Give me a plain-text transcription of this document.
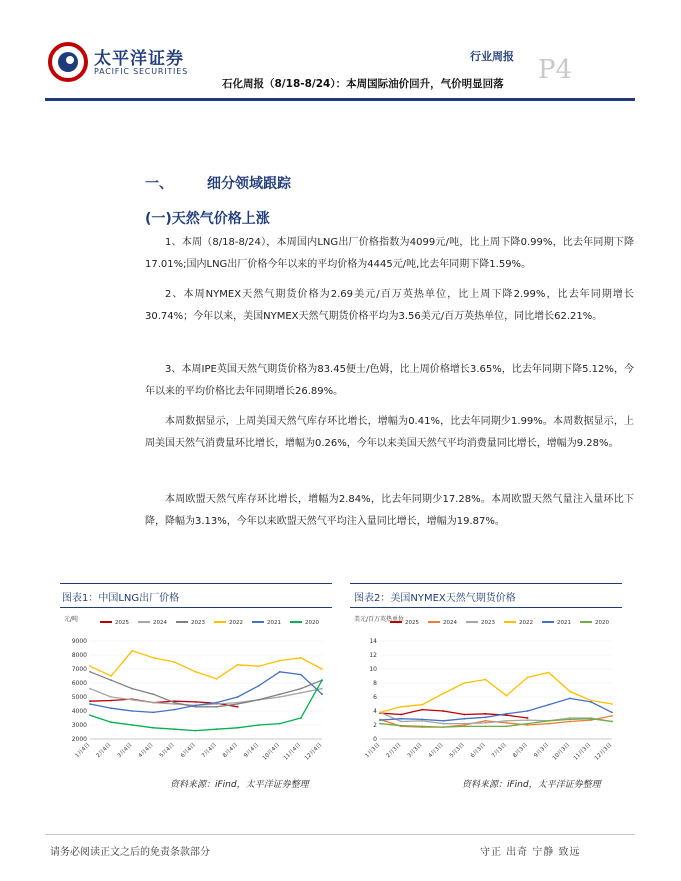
太平洋证券
PACIFIC SECURITIES
行业周报 P4
石化周报（8/18-8/24）：本周国际油价回升，气价明显回落
一、 细分领域跟踪
(一)天然气价格上涨

1、本周（8/18-8/24），本周国内LNG出厂价格指数为4099元/吨，比上周下降0.99%，比去年同期下降17.01%;国内LNG出厂价格今年以来的平均价格为4445元/吨,比去年同期下降1.59%。

2、本周NYMEX天然气期货价格为2.69美元/百万英热单位，比上周下降2.99%，比去年同期增长30.74%；今年以来，美国NYMEX天然气期货价格平均为3.56美元/百万英热单位，同比增长62.21%。

3、本周IPE英国天然气期货价格为83.45便士/色姆，比上周价格增长3.65%，比去年同期下降5.12%，今年以来的平均价格比去年同期增长26.89%。

本周数据显示，上周美国天然气库存环比增长，增幅为0.41%，比去年同期少1.99%。本周数据显示，上周美国天然气消费量环比增长，增幅为0.26%，今年以来美国天然气平均消费量同比增长，增幅为9.28%。

本周欧盟天然气库存环比增长，增幅为2.84%，比去年同期少17.28%。本周欧盟天然气量注入量环比下降，降幅为3.13%，今年以来欧盟天然气平均注入量同比增长，增幅为19.87%。

图表1：中国LNG出厂价格
元/吨	2025	2024	2023	2022	2021	2020
2000
3000
4000
5000
6000
7000
8000
9000
1月4日 2月4日 3月4日 4月4日 5月4日 6月4日 7月4日 8月4日 9月4日 10月4日 11月4日 12月4日
资料来源：iFind，太平洋证券整理
图表2：美国NYMEX天然气期货价格
美元/百万英热单位 2025	2024	2023	2022	2021	2020
0
2
4
6
8
10
12
14
1月3日 2月3日 3月3日 4月3日 5月3日 6月3日 7月3日 8月3日 9月3日 10月3日 11月3日 12月3日
资料来源：iFind，太平洋证券整理
请务必阅读正文之后的免责条款部分	守正 出奇 宁静 致远
